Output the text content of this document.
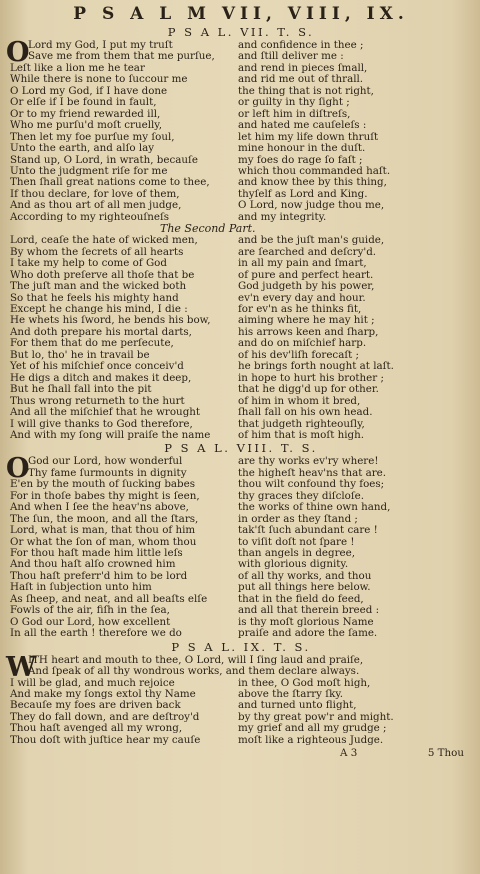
P S A L M VII, VIII, IX.
P S A L. VII. T. S.
O
Lord my God, I put my truſt
Save me from them that me purſue,
Leſt like a lion me he tear
While there is none to ſuccour me
O Lord my God, if I have done
Or elſe if I be found in fault,
Or to my friend rewarded ill,
Who me purſu'd moſt cruelly,
Then let my foe purſue my ſoul,
Unto the earth, and alſo lay
Stand up, O Lord, in wrath, becauſe
Unto the judgment riſe for me
Then ſhall great nations come to thee,
If thou declare, for love of them,
And as thou art of all men judge,
According to my righteouſneſs
and confidence in thee ;
and ſtill deliver me :
and rend in pieces ſmall,
and rid me out of thrall.
the thing that is not right,
or guilty in thy ſight ;
or left him in diſtreſs,
and hated me cauſeleſs :
let him my life down thruſt
mine honour in the duſt.
my foes do rage ſo faſt ;
which thou commanded haſt.
and know thee by this thing,
thyſelf as Lord and King.
O Lord, now judge thou me,
and my integrity.
The Second Part.
Lord, ceaſe the hate of wicked men,
By whom the ſecrets of all hearts
I take my help to come of God
Who doth preſerve all thoſe that be
The juſt man and the wicked both
So that he feels his mighty hand
Except he change his mind, I die :
He whets his ſword, he bends his bow,
And doth prepare his mortal darts,
For them that do me perſecute,
But lo, tho' he in travail be
Yet of his miſchief once conceiv'd
He digs a ditch and makes it deep,
But he ſhall fall into the pit
Thus wrong returneth to the hurt
And all the miſchief that he wrought
I will give thanks to God therefore,
And with my ſong will praiſe the name
and be the juſt man's guide,
are ſearched and deſcry'd.
in all my pain and ſmart,
of pure and perfect heart.
God judgeth by his power,
ev'n every day and hour.
for ev'n as he thinks fit,
aiming where he may hit ;
his arrows keen and ſharp,
and do on miſchief harp.
of his dev'liſh forecaſt ;
he brings forth nought at laſt.
in hope to hurt his brother ;
that he digg'd up for other.
of him in whom it bred,
ſhall fall on his own head.
that judgeth righteouſly,
of him that is moſt high.
P S A L. VIII. T. S.
O
God our Lord, how wonderful
Thy fame ſurmounts in dignity
E'en by the mouth of ſucking babes
For in thoſe babes thy might is ſeen,
And when I ſee the heav'ns above,
The ſun, the moon, and all the ſtars,
Lord, what is man, that thou of him
Or what the ſon of man, whom thou
For thou haſt made him little leſs
And thou haſt alſo crowned him
Thou haſt preferr'd him to be lord
Haſt in ſubjection unto him
As ſheep, and neat, and all beaſts elſe
Fowls of the air, fiſh in the ſea,
O God our Lord, how excellent
In all the earth ! therefore we do
are thy works ev'ry where!
the higheſt heav'ns that are.
thou wilt confound thy foes;
thy graces they diſcloſe.
the works of thine own hand,
in order as they ſtand ;
tak'ſt ſuch abundant care !
to viſit doſt not ſpare !
than angels in degree,
with glorious dignity.
of all thy works, and thou
put all things here below.
that in the field do feed,
and all that therein breed :
is thy moſt glorious Name
praiſe and adore the ſame.
P S A L. IX. T. S.
W
ITH heart and mouth to thee, O Lord, will I ſing laud and praiſe,
And ſpeak of all thy wondrous works, and them declare always.
I will be glad, and much rejoice
And make my ſongs extol thy Name
Becauſe my foes are driven back
They do fall down, and are deſtroy'd
Thou haſt avenged all my wrong,
Thou doſt with juſtice hear my cauſe
in thee, O God moſt high,
above the ſtarry ſky.
and turned unto flight,
by thy great pow'r and might.
my grief and all my grudge ;
moſt like a righteous Judge.
A 3	5 Thou
